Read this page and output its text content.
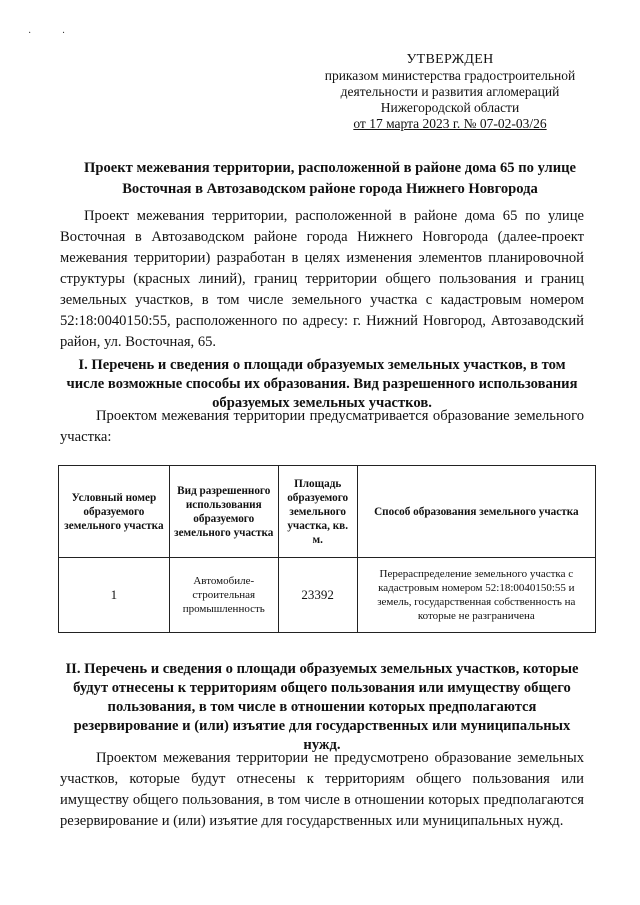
· ·
УТВЕРЖДЕН
приказом министерства градостроительной
деятельности и развития агломераций
Нижегородской области
от 17 марта 2023 г. № 07-02-03/26
Проект межевания территории, расположенной в районе дома 65 по улице Восточная в Автозаводском районе города Нижнего Новгорода
Проект межевания территории, расположенной в районе дома 65 по улице Восточная в Автозаводском районе города Нижнего Новгорода (далее-проект межевания территории) разработан в целях изменения элементов планировочной структуры (красных линий), границ территории общего пользования и границ земельных участков, в том числе земельного участка с кадастровым номером 52:18:0040150:55, расположенного по адресу: г. Нижний Новгород, Автозаводский район, ул. Восточная, 65.
I. Перечень и сведения о площади образуемых земельных участков, в том числе возможные способы их образования. Вид разрешенного использования образуемых земельных участков.
Проектом межевания территории предусматривается образование земельного участка:
Условный номер образуемого земельного участка	Вид разрешенного использования образуемого земельного участка	Площадь образуемого земельного участка, кв. м.	Способ образования земельного участка
1	Автомобиле-строительная промышленность	23392	Перераспределение земельного участка с кадастровым номером 52:18:0040150:55 и земель, государственная собственность на которые не разграничена
II. Перечень и сведения о площади образуемых земельных участков, которые будут отнесены к территориям общего пользования или имуществу общего пользования, в том числе в отношении которых предполагаются резервирование и (или) изъятие для государственных или муниципальных нужд.
Проектом межевания территории не предусмотрено образование земельных участков, которые будут отнесены к территориям общего пользования или имуществу общего пользования, в том числе в отношении которых предполагаются резервирование и (или) изъятие для государственных или муниципальных нужд.
